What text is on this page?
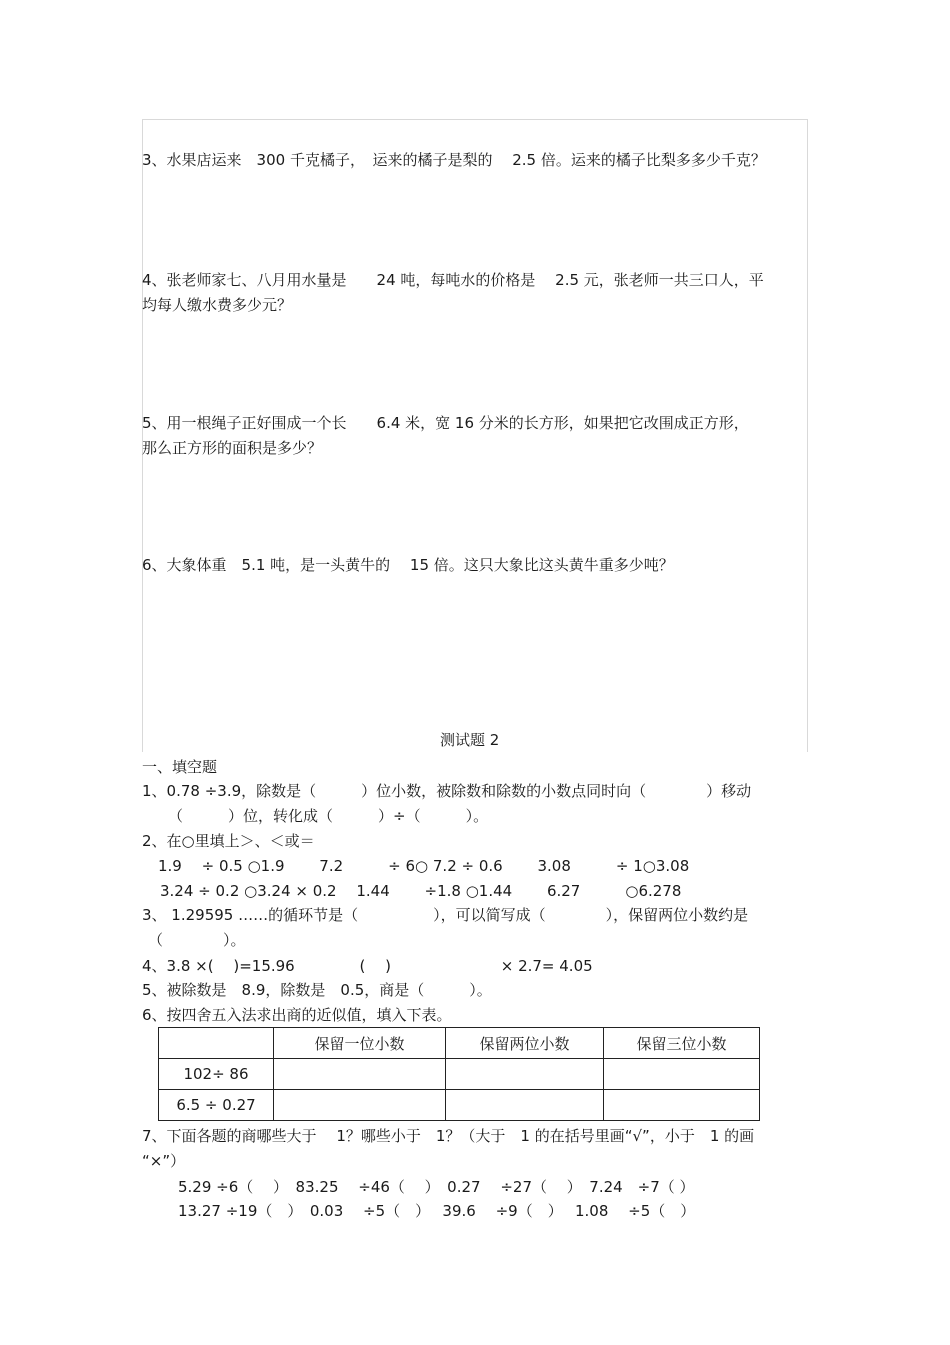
3、水果店运来　300 千克橘子，　运来的橘子是梨的　 2.5 倍。运来的橘子比梨多多少千克？
4、张老师家七、八月用水量是　　24 吨，每吨水的价格是　 2.5 元，张老师一共三口人，平
均每人缴水费多少元？
5、用一根绳子正好围成一个长　　6.4 米，宽 16 分米的长方形，如果把它改围成正方形，
那么正方形的面积是多少？
6、大象体重　5.1 吨，是一头黄牛的　 15 倍。这只大象比这头黄牛重多少吨？
测试题 2
一、填空题
1、0.78 ÷3.9，除数是（　　　）位小数，被除数和除数的小数点同时向（　　　　）移动
（　　　）位，转化成（　　　）÷（　　　）。
2、在○里填上＞、＜或＝
1.9　 ÷ 0.5 ○1.9　　 7.2　　　÷ 6○ 7.2 ÷ 0.6　　 3.08　　　÷ 1○3.08
3.24 ÷ 0.2 ○3.24 × 0.2　 1.44　　 ÷1.8 ○1.44　　 6.27　　　○6.278
3、 1.29595 ……的循环节是（　　　　　），可以简写成（　　　　），保留两位小数约是
（　　　　）。
4、3.8 ×(　 )=15.96　　　　 (　 )　　　　　　　 × 2.7= 4.05
5、被除数是　8.9，除数是　0.5，商是（　　　）。
6、按四舍五入法求出商的近似值，填入下表。
	保留一位小数	保留两位小数	保留三位小数
102÷ 86			
6.5 ÷ 0.27			
7、下面各题的商哪些大于　 1？哪些小于　1？（大于　1 的在括号里画“√”，小于　1 的画
“×”）
5.29 ÷6（　 ）　83.25　 ÷46（　 ）　0.27　 ÷27（　 ）　7.24　÷7（ ）
13.27 ÷19（　）　0.03　 ÷5（　）　 39.6　 ÷9（　）　 1.08　 ÷5（　）
